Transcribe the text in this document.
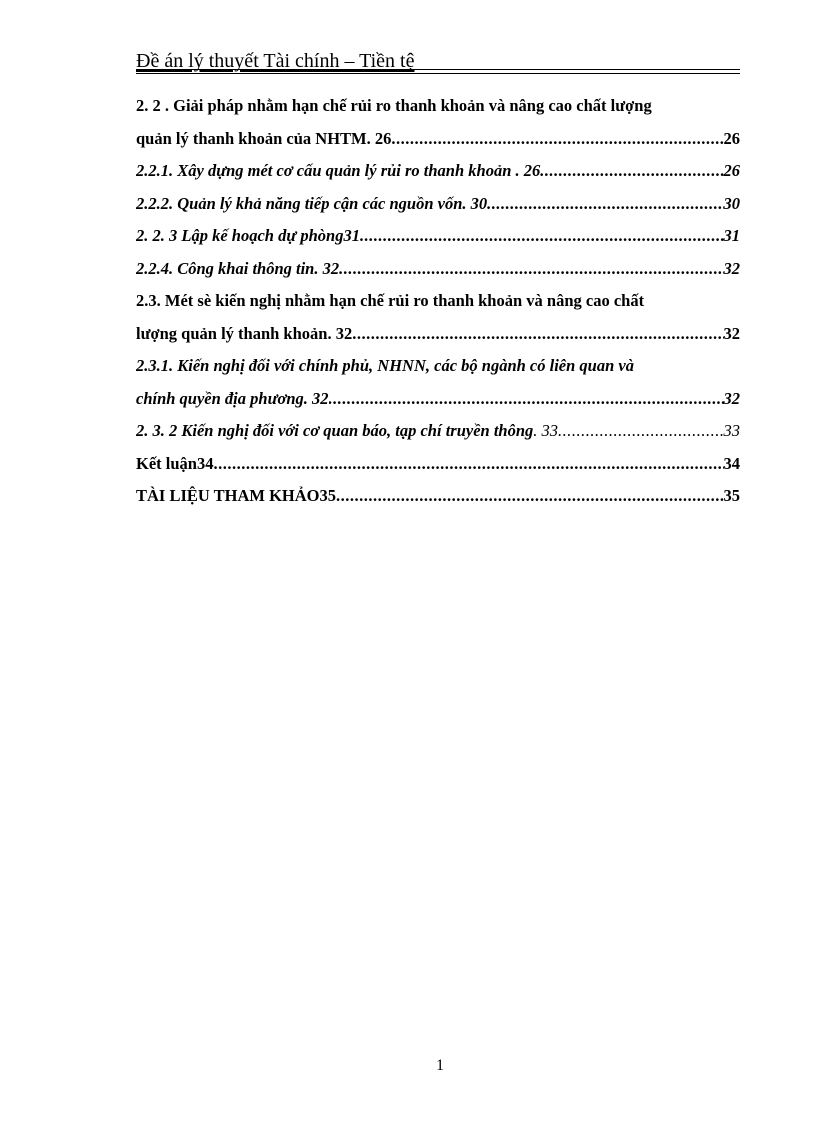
Đề án lý thuyết Tài chính – Tiền tệ
2. 2 . Giải pháp nhằm hạn chế rủi ro thanh khoản và nâng cao chất lượng
quản lý thanh khoản của NHTM. 26 .....	26
2.2.1. Xây dựng mét cơ cấu quản lý rủi ro thanh khoản . 26 .....	26
2.2.2. Quản lý khả năng tiếp cận các nguồn vốn. 30 .....	30
2. 2. 3 Lập kế hoạch dự phòng31 .....	31
2.2.4. Công khai thông tin. 32 .....	32
2.3. Mét sè kiến nghị nhằm hạn chế rủi ro thanh khoản và nâng cao chất
lượng quản lý thanh khoản. 32 .....	32
2.3.1. Kiến nghị đối với chính phủ, NHNN, các bộ ngành có liên quan và
chính quyền địa phương. 32 .....	32
2. 3. 2 Kiến nghị đối với cơ quan báo, tạp chí truyền thông . 33 .....	33
Kết luận34 .....	34
TÀI LIỆU THAM KHẢO35 .....	35
1
